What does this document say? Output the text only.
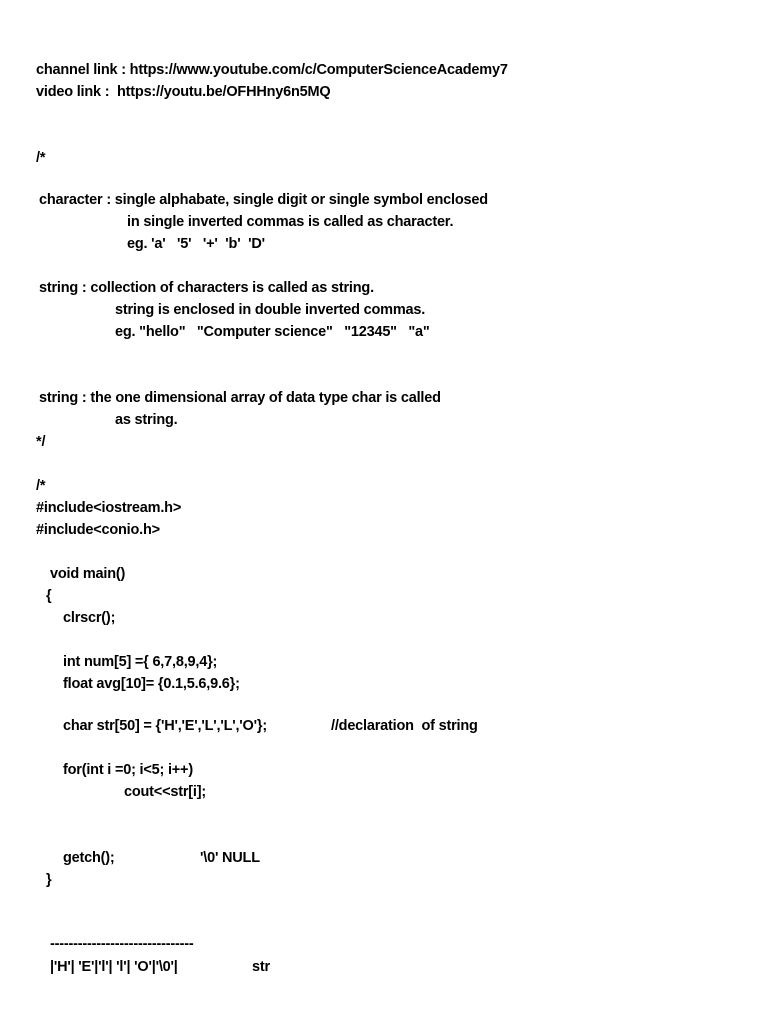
channel link : https://www.youtube.com/c/ComputerScienceAcademy7

video link :  https://youtu.be/OFHHny6n5MQ

/*

character : single alphabate, single digit or single symbol enclosed

in single inverted commas is called as character.

eg. 'a'   '5'   '+'  'b'  'D'

string : collection of characters is called as string.

string is enclosed in double inverted commas.

eg. "hello"   "Computer science"   "12345"   "a"

string : the one dimensional array of data type char is called

as string.

*/

/*

#include<iostream.h>

#include<conio.h>

void main()

{

clrscr();

int num[5] ={ 6,7,8,9,4};

float avg[10]= {0.1,5.6,9.6};

char str[50] = {'H','E','L','L','O'};	//declaration  of string

for(int i =0; i<5; i++)

cout<<str[i];

getch();	'\0' NULL

}

-------------------------------

|'H'| 'E'|'l'| 'l'| 'O'|'\0'|	str
